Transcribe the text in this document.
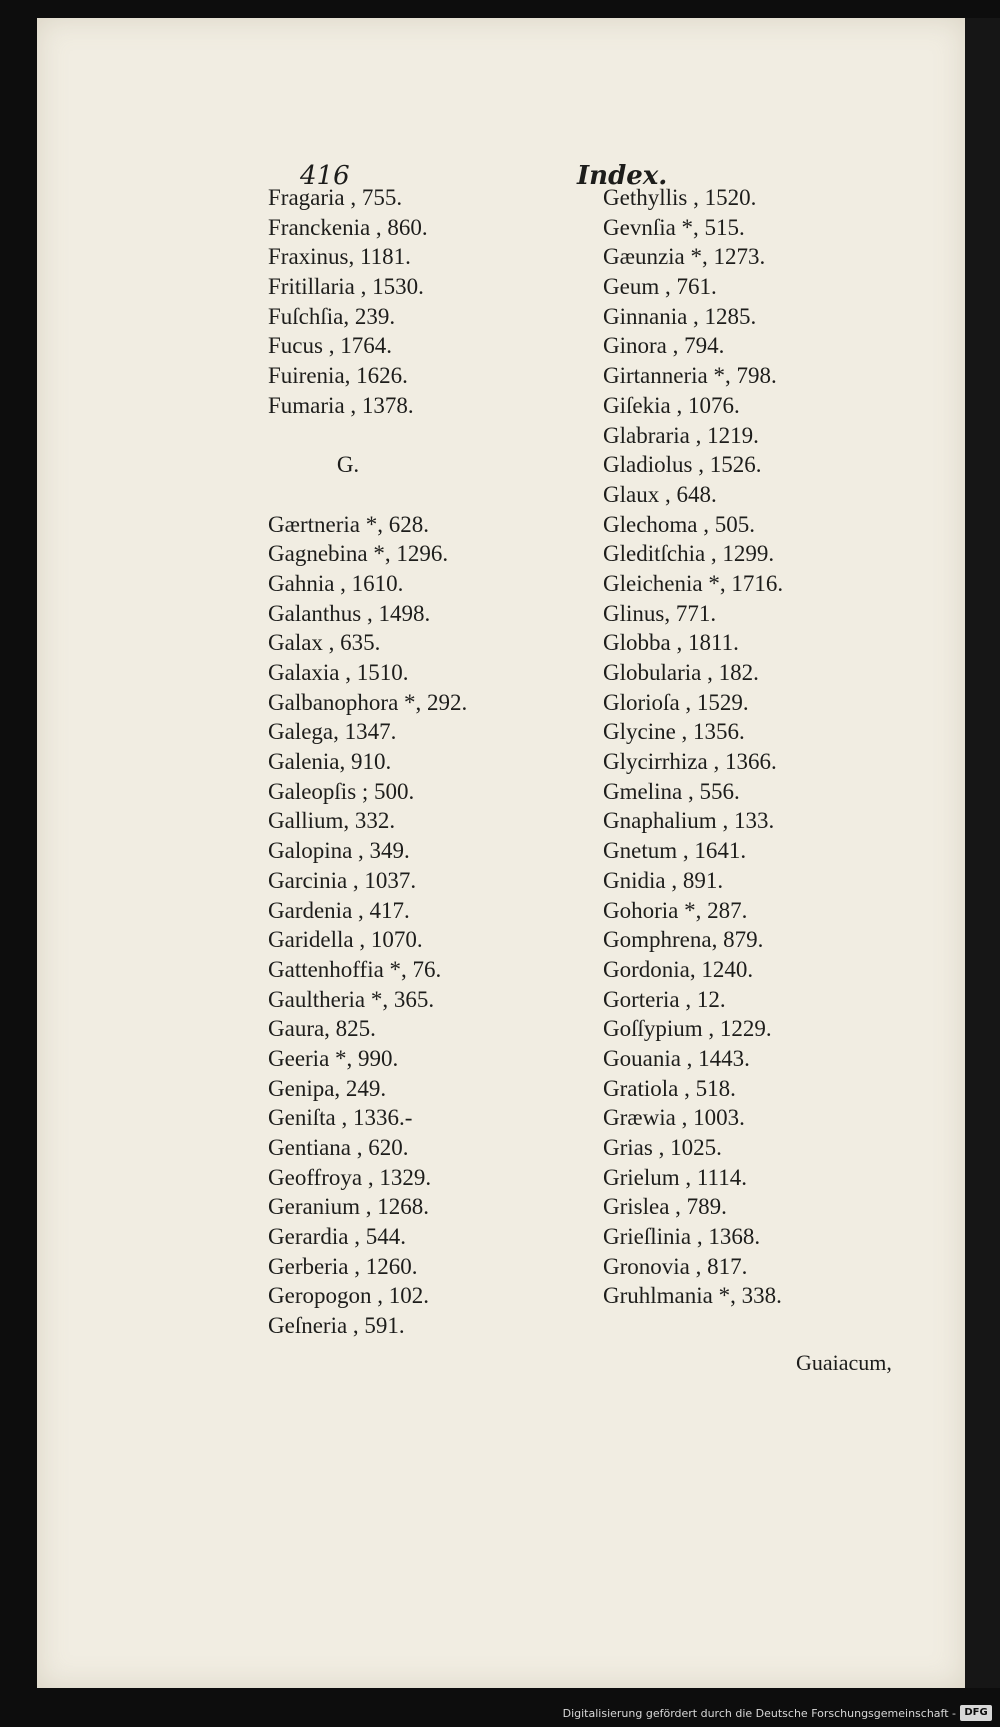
416	Index.
Fragaria , 755.
Franckenia , 860.
Fraxinus, 1181.
Fritillaria , 1530.
Fuſchſia, 239.
Fucus , 1764.
Fuirenia, 1626.
Fumaria , 1378.
G.
Gærtneria *, 628.
Gagnebina *, 1296.
Gahnia , 1610.
Galanthus , 1498.
Galax , 635.
Galaxia , 1510.
Galbanophora *, 292.
Galega, 1347.
Galenia, 910.
Galeopſis ; 500.
Gallium, 332.
Galopina , 349.
Garcinia , 1037.
Gardenia , 417.
Garidella , 1070.
Gattenhoffia *, 76.
Gaultheria *, 365.
Gaura, 825.
Geeria *, 990.
Genipa, 249.
Geniſta , 1336.-
Gentiana , 620.
Geoffroya , 1329.
Geranium , 1268.
Gerardia , 544.
Gerberia , 1260.
Geropogon , 102.
Geſneria , 591.
Gethyllis , 1520.
Gevnſia *, 515.
Gæunzia *, 1273.
Geum , 761.
Ginnania , 1285.
Ginora , 794.
Girtanneria *, 798.
Giſekia , 1076.
Glabraria , 1219.
Gladiolus , 1526.
Glaux , 648.
Glechoma , 505.
Gleditſchia , 1299.
Gleichenia *, 1716.
Glinus, 771.
Globba , 1811.
Globularia , 182.
Glorioſa , 1529.
Glycine , 1356.
Glycirrhiza , 1366.
Gmelina , 556.
Gnaphalium , 133.
Gnetum , 1641.
Gnidia , 891.
Gohoria *, 287.
Gomphrena, 879.
Gordonia, 1240.
Gorteria , 12.
Goſſypium , 1229.
Gouania , 1443.
Gratiola , 518.
Græwia , 1003.
Grias , 1025.
Grielum , 1114.
Grislea , 789.
Grieſlinia , 1368.
Gronovia , 817.
Gruhlmania *, 338.
Guaiacum,
Digitalisierung gefördert durch die Deutsche Forschungsgemeinschaft - DFG
